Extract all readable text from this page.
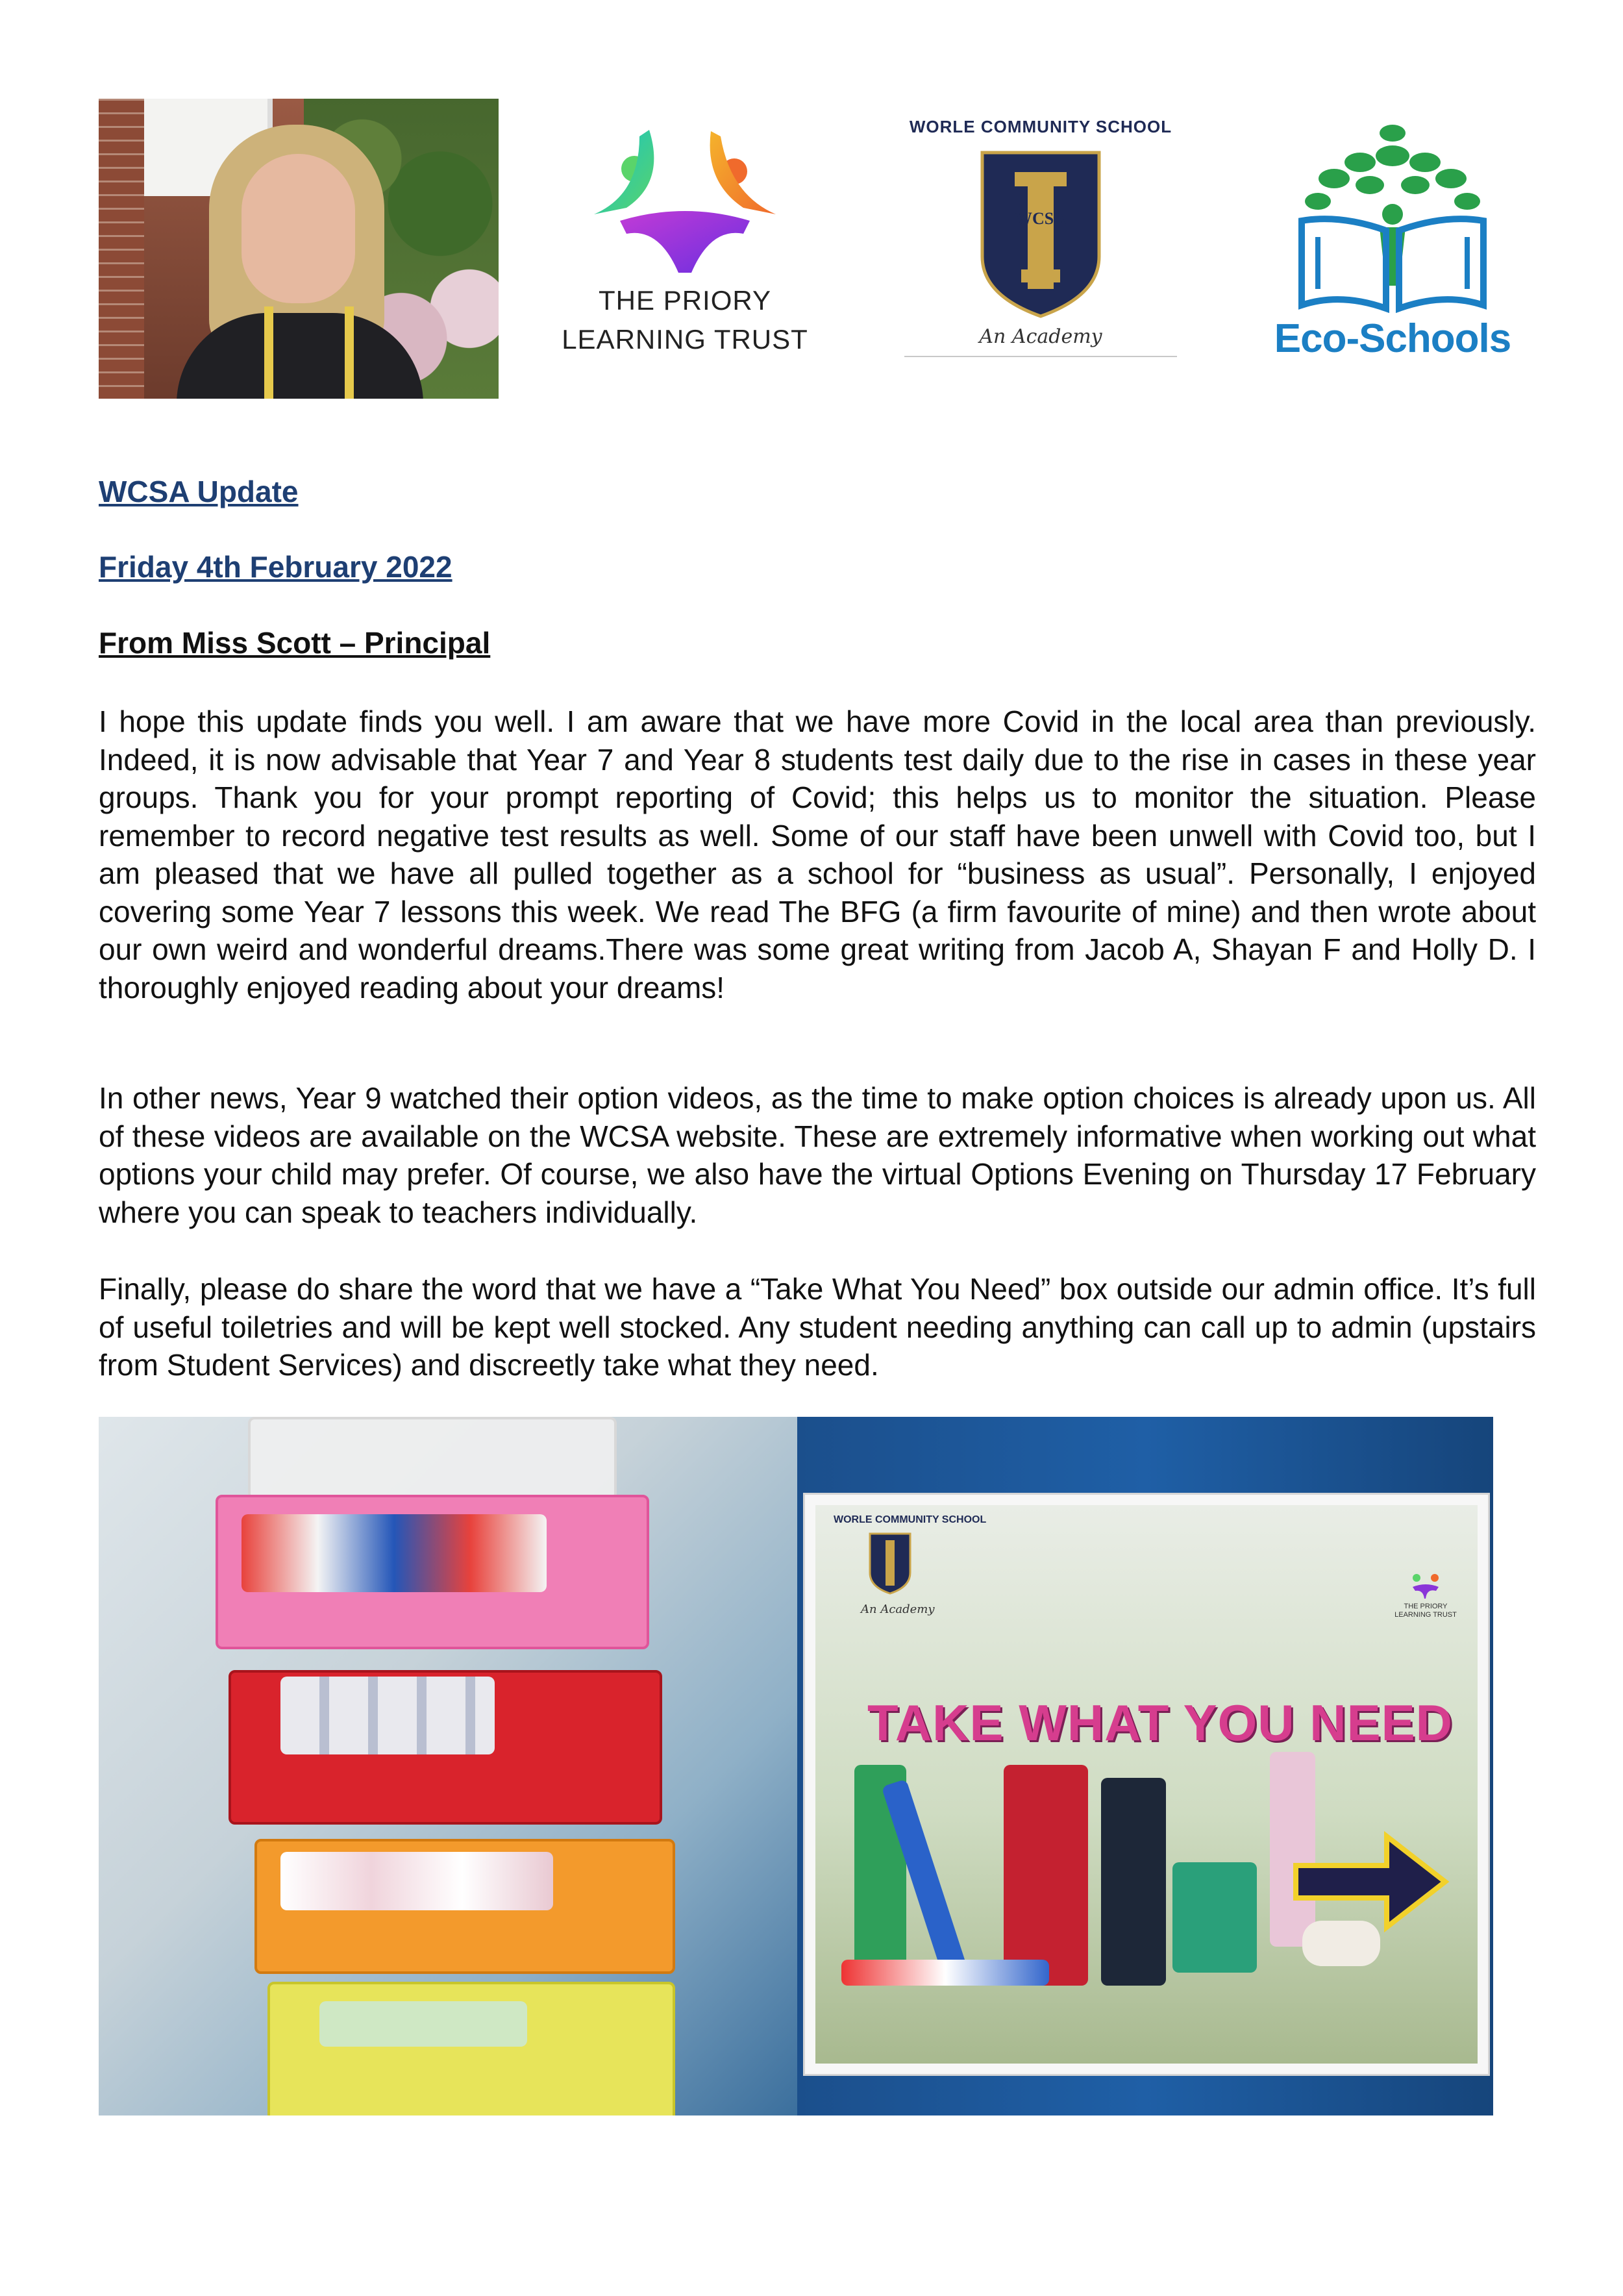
THE PRIORY
LEARNING TRUST
WORLE COMMUNITY SCHOOL
WCSA
An Academy	Eco-Schools
WCSA Update
Friday 4th February 2022
From Miss Scott – Principal
I hope this update finds you well. I am aware that we have more Covid in the local area than previously. Indeed, it is now advisable that Year 7 and Year 8 students test daily due to the rise in cases in these year groups. Thank you for your prompt reporting of Covid; this helps us to monitor the situation. Please remember to record negative test results as well. Some of our staff have been unwell with Covid too, but I am pleased that we have all pulled together as a school for “business as usual”. Personally, I enjoyed covering some Year 7 lessons this week. We read The BFG (a firm favourite of mine) and then wrote about our own weird and wonderful dreams.There was some great writing from Jacob A, Shayan F and Holly D. I thoroughly enjoyed reading about your dreams!
In other news, Year 9 watched their option videos, as the time to make option choices is already upon us. All of these videos are available on the WCSA website. These are extremely informative when working out what options your child may prefer. Of course, we also have the virtual Options Evening on Thursday 17 February where you can speak to teachers individually.
Finally, please do share the word that we have a “Take What You Need” box outside our admin office. It’s full of useful toiletries and will be kept well stocked. Any student needing anything can call up to admin (upstairs from Student Services) and discreetly take what they need.
WORLE COMMUNITY SCHOOL
An Academy	THE PRIORY
LEARNING TRUST
TAKE WHAT YOU NEED
